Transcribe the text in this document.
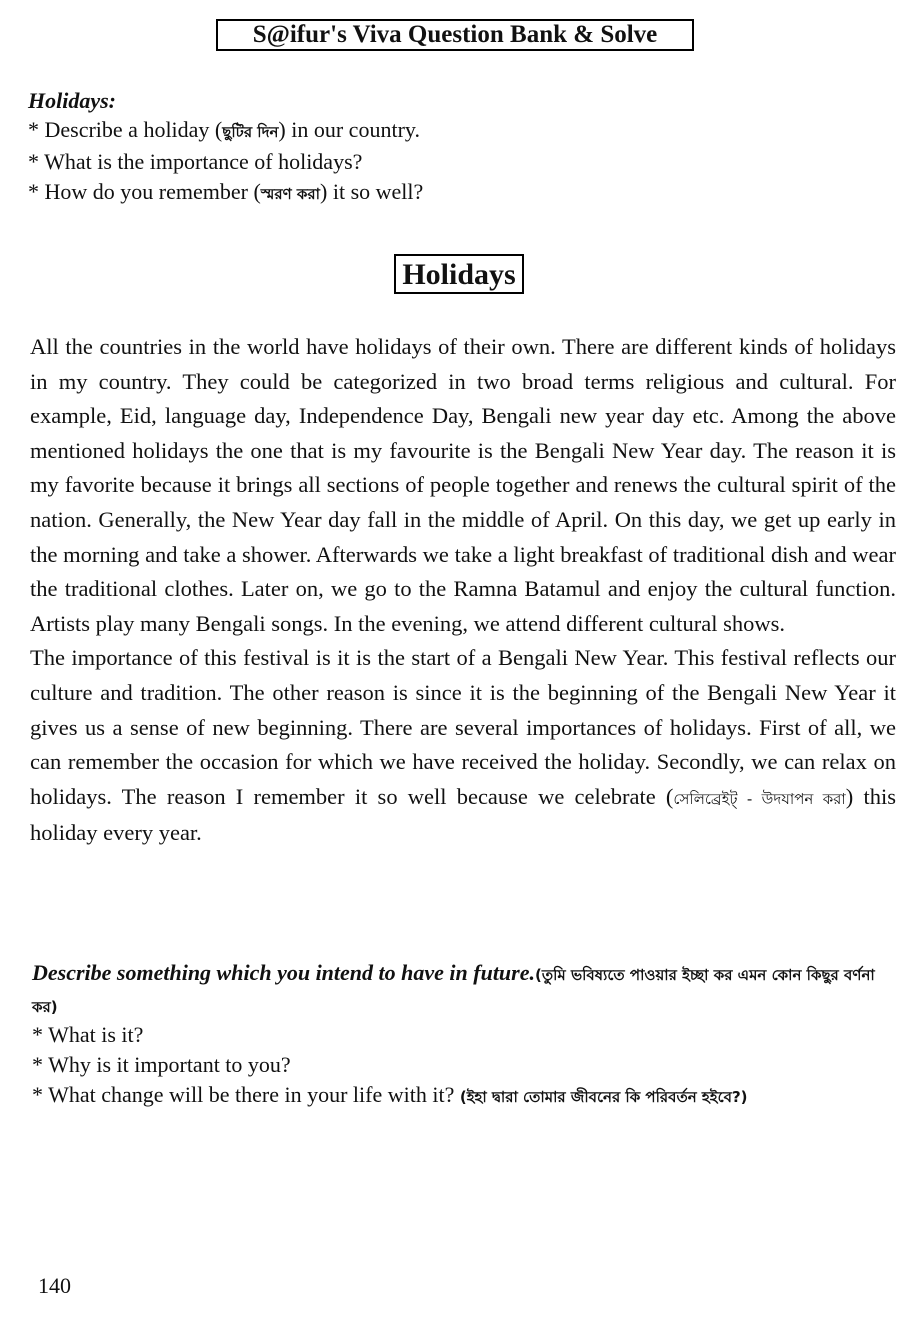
S@ifur's Viva Question Bank & Solve
Holidays:
* Describe a holiday (ছুটির দিন) in our country.
* What is the importance of holidays?
* How do you remember (স্মরণ করা) it so well?
Holidays

All the countries in the world have holidays of their own. There are different kinds of holidays in my country. They could be categorized in two broad terms religious and cultural. For example, Eid, language day, Independence Day, Bengali new year day etc. Among the above mentioned holidays the one that is my favourite is the Bengali New Year day. The reason it is my favorite because it brings all sections of people together and renews the cultural spirit of the nation. Generally, the New Year day fall in the middle of April. On this day, we get up early in the morning and take a shower. Afterwards we take a light breakfast of traditional dish and wear the traditional clothes. Later on, we go to the Ramna Batamul and enjoy the cultural function. Artists play many Bengali songs. In the evening, we attend different cultural shows.

The importance of this festival is it is the start of a Bengali New Year. This festival reflects our culture and tradition. The other reason is since it is the beginning of the Bengali New Year it gives us a sense of new beginning. There are several importances of holidays. First of all, we can remember the occasion for which we have received the holiday. Secondly, we can relax on holidays. The reason I remember it so well because we celebrate (সেলিব্রেইট্‌ - উদযাপন করা) this holiday every year.

Describe something which you intend to have in future.(তুমি ভবিষ্যতে পাওয়ার ইচ্ছা কর এমন কোন কিছুর বর্ণনা কর)
* What is it?
* Why is it important to you?
* What change will be there in your life with it? (ইহা দ্বারা তোমার জীবনের কি পরিবর্তন হইবে?)
140
